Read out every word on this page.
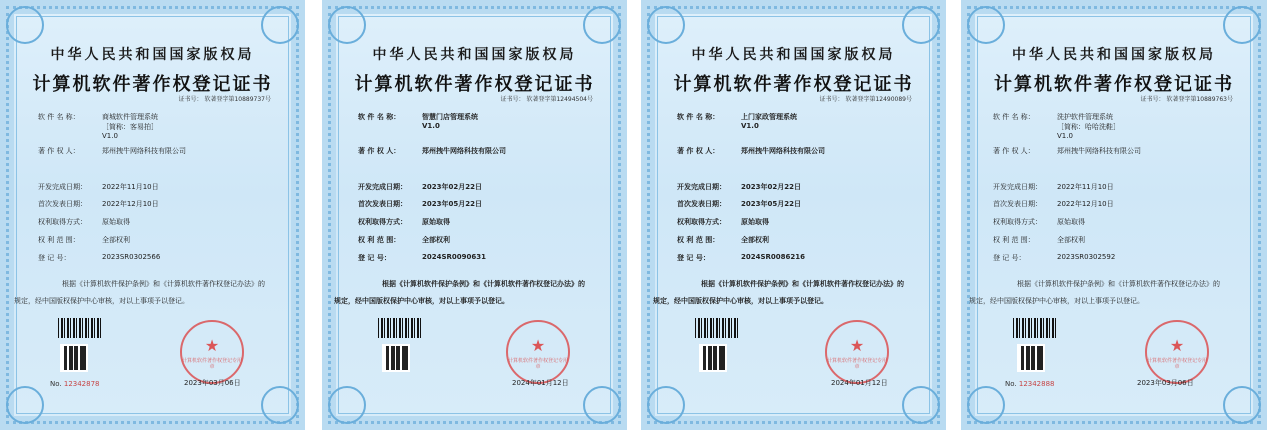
中华人民共和国国家版权局
计算机软件著作权登记证书
证书号： 软著登字第10889737号
软 件 名 称：	商城软件管理系统
［简称：客易拍］
V1.0
著 作 权 人：	郑州拽牛网络科技有限公司
开发完成日期： 2022年11月10日
首次发表日期： 2022年12月10日
权利取得方式： 原始取得
权 利 范 围：	全部权利
登 记 号：	2023SR0302566
根据《计算机软件保护条例》和《计算机软件著作权登记办法》的
规定，经中国版权保护中心审核，对以上事项予以登记。
No. 12342878
★
计算机软件著作权登记专用章
2023年03月06日
中华人民共和国国家版权局
计算机软件著作权登记证书
证书号： 软著登字第12494504号
软 件 名 称：	智慧门店管理系统
V1.0
著 作 权 人：	郑州拽牛网络科技有限公司
开发完成日期： 2023年02月22日
首次发表日期： 2023年05月22日
权利取得方式： 原始取得
权 利 范 围：	全部权利
登 记 号：	2024SR0090631
根据《计算机软件保护条例》和《计算机软件著作权登记办法》的
规定，经中国版权保护中心审核，对以上事项予以登记。
★
计算机软件著作权登记专用章
2024年01月12日
中华人民共和国国家版权局
计算机软件著作权登记证书
证书号： 软著登字第12490089号
软 件 名 称：	上门家政管理系统
V1.0
著 作 权 人：	郑州拽牛网络科技有限公司
开发完成日期： 2023年02月22日
首次发表日期： 2023年05月22日
权利取得方式： 原始取得
权 利 范 围：	全部权利
登 记 号：	2024SR0086216
根据《计算机软件保护条例》和《计算机软件著作权登记办法》的
规定，经中国版权保护中心审核，对以上事项予以登记。
★
计算机软件著作权登记专用章
2024年01月12日
中华人民共和国国家版权局
计算机软件著作权登记证书
证书号： 软著登字第10889763号
软 件 名 称：	洗护软件管理系统
［简称：哈哈洗鞋］
V1.0
著 作 权 人：	郑州拽牛网络科技有限公司
开发完成日期： 2022年11月10日
首次发表日期： 2022年12月10日
权利取得方式： 原始取得
权 利 范 围：	全部权利
登 记 号：	2023SR0302592
根据《计算机软件保护条例》和《计算机软件著作权登记办法》的
规定，经中国版权保护中心审核，对以上事项予以登记。
No. 12342888
★
计算机软件著作权登记专用章
2023年03月06日
